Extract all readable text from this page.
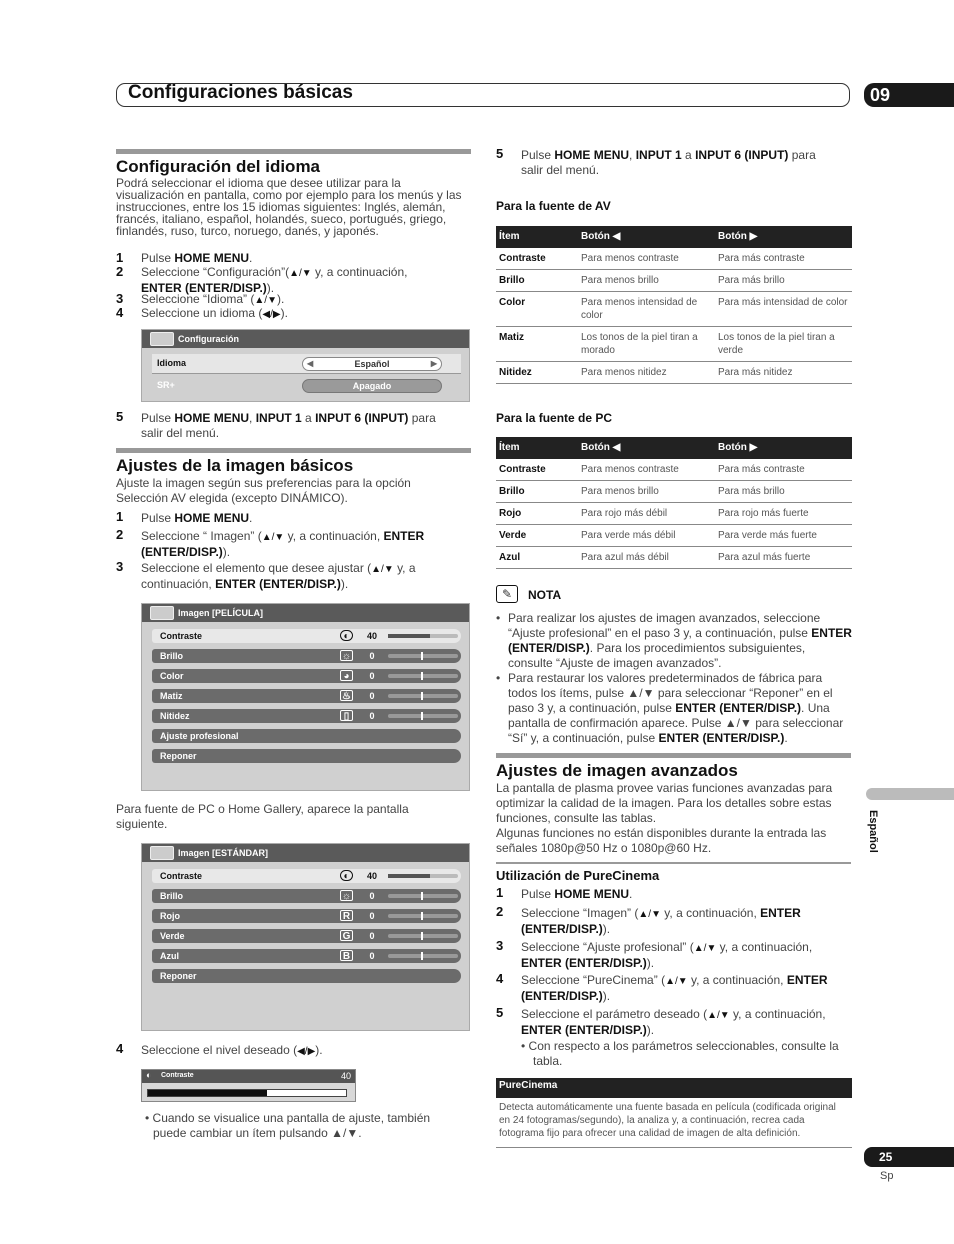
Configuraciones básicas	09
Configuración del idioma
Podrá seleccionar el idioma que desee utilizar para la visualización en pantalla, como por ejemplo para los menús y las instrucciones, entre los 15 idiomas siguientes: Inglés, alemán, francés, italiano, español, holandés, sueco, portugués, griego, finlandés, ruso, turco, noruego, danés, y japonés.
1 Pulse HOME MENU.
2 Seleccione “Configuración”(▲/▼ y, a continuación,
ENTER (ENTER/DISP.)).
3 Seleccione “Idioma” (▲/▼).
4 Seleccione un idioma (◀/▶).
Configuración
Idioma	◀	Español	▶
SR+	Apagado
5 Pulse HOME MENU, INPUT 1 a INPUT 6 (INPUT) para
salir del menú.
Ajustes de la imagen básicos
Ajuste la imagen según sus preferencias para la opción Selección AV elegida (excepto DINÁMICO).
1 Pulse HOME MENU.
2 Seleccione “ Imagen” (▲/▼ y, a continuación, ENTER
(ENTER/DISP.)).
3 Seleccione el elemento que desee ajustar (▲/▼ y, a
continuación, ENTER (ENTER/DISP.)).
Imagen [PELÍCULA]
Contraste	◐	40
Brillo	☼	0
Color	◕	0
Matiz	♨	0
Nitidez	▯	0
Ajuste profesional
Reponer
Para fuente de PC o Home Gallery, aparece la pantalla siguiente.
Imagen [ESTÁNDAR]
Contraste	◐	40
Brillo	☼	0
Rojo	R	0
Verde	G	0
Azul	B	0
Reponer
4 Seleccione el nivel deseado (◀/▶).
◐ Contraste	40
• Cuando se visualice una pantalla de ajuste, también puede cambiar un ítem pulsando ▲/▼.
5 Pulse HOME MENU, INPUT 1 a INPUT 6 (INPUT) para
salir del menú.
Para la fuente de AV
Ítem	Botón ◀	Botón ▶
Contraste	Para menos contraste	Para más contraste
Brillo	Para menos brillo	Para más brillo
Color	Para menos intensidad de color	Para más intensidad de color
Matiz	Los tonos de la piel tiran a morado	Los tonos de la piel tiran a verde
Nitidez	Para menos nitidez	Para más nitidez
Para la fuente de PC
Ítem	Botón ◀	Botón ▶
Contraste	Para menos contraste	Para más contraste
Brillo	Para menos brillo	Para más brillo
Rojo	Para rojo más débil	Para rojo más fuerte
Verde	Para verde más débil	Para verde más fuerte
Azul	Para azul más débil	Para azul más fuerte
✎	NOTA
• Para realizar los ajustes de imagen avanzados, seleccione “Ajuste profesional” en el paso 3 y, a continuación, pulse ENTER (ENTER/DISP.). Para los procedimientos subsiguientes, consulte “Ajuste de imagen avanzados”.
• Para restaurar los valores predeterminados de fábrica para todos los ítems, pulse ▲/▼ para seleccionar “Reponer” en el paso 3 y, a continuación, pulse ENTER (ENTER/DISP.). Una pantalla de confirmación aparece. Pulse ▲/▼ para seleccionar “Sí” y, a continuación, pulse ENTER (ENTER/DISP.).
Ajustes de imagen avanzados
La pantalla de plasma provee varias funciones avanzadas para optimizar la calidad de la imagen. Para los detalles sobre estas funciones, consulte las tablas.
Algunas funciones no están disponibles durante la entrada las señales 1080p@50 Hz o 1080p@60 Hz.
Utilización de PureCinema
1 Pulse HOME MENU.
2 Seleccione “Imagen” (▲/▼ y, a continuación, ENTER
(ENTER/DISP.)).
3 Seleccione “Ajuste profesional” (▲/▼ y, a continuación,
ENTER (ENTER/DISP.)).
4 Seleccione “PureCinema” (▲/▼ y, a continuación, ENTER
(ENTER/DISP.)).
5 Seleccione el parámetro deseado (▲/▼ y, a continuación,
ENTER (ENTER/DISP.)).
• Con respecto a los parámetros seleccionables, consulte la tabla.
PureCinema
Detecta automáticamente una fuente basada en película (codificada original en 24 fotogramas/segundo), la analiza y, a continuación, recrea cada fotograma fijo para ofrecer una calidad de imagen de alta definición.
Español
25
Sp
